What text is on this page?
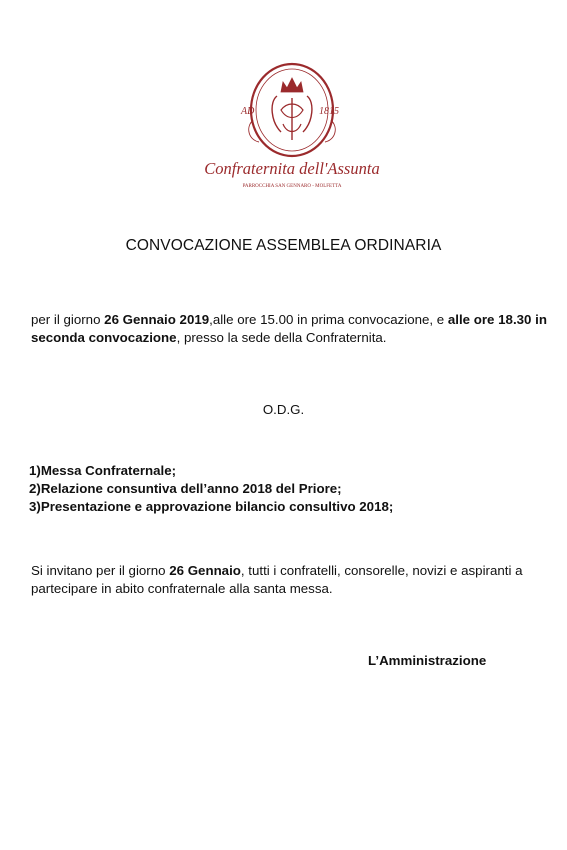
AD	1815
Confraternita dell'Assunta
PARROCCHIA SAN GENNARO - MOLFETTA
CONVOCAZIONE ASSEMBLEA ORDINARIA
per il giorno 26 Gennaio 2019,alle ore 15.00 in prima convocazione, e alle ore 18.30 in seconda convocazione, presso la sede della Confraternita.
O.D.G.
1)Messa Confraternale;
2)Relazione consuntiva dell’anno 2018 del Priore;
3)Presentazione e approvazione bilancio consultivo 2018;
Si invitano per il giorno 26 Gennaio, tutti i confratelli, consorelle, novizi e aspiranti a partecipare in abito confraternale alla santa messa.
L’Amministrazione
